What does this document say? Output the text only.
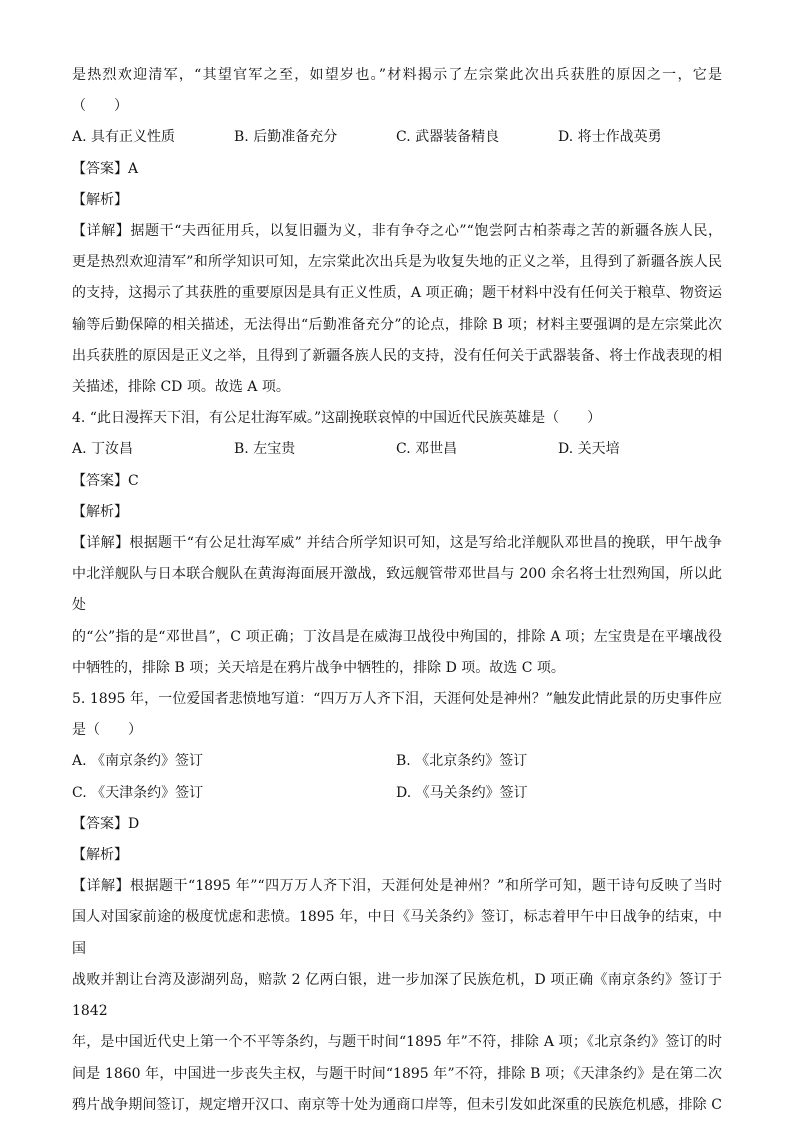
是热烈欢迎清军，“其望官军之至，如望岁也。”材料揭示了左宗棠此次出兵获胜的原因之一，它是

（　　）

A. 具有正义性质	B. 后勤准备充分	C. 武器装备精良	D. 将士作战英勇

【答案】A

【解析】

【详解】据题干“夫西征用兵，以复旧疆为义，非有争夺之心”“饱尝阿古柏荼毒之苦的新疆各族人民，

更是热烈欢迎清军”和所学知识可知，左宗棠此次出兵是为收复失地的正义之举，且得到了新疆各族人民

的支持，这揭示了其获胜的重要原因是具有正义性质，A 项正确；题干材料中没有任何关于粮草、物资运

输等后勤保障的相关描述，无法得出“后勤准备充分”的论点，排除 B 项；材料主要强调的是左宗棠此次

出兵获胜的原因是正义之举，且得到了新疆各族人民的支持，没有任何关于武器装备、将士作战表现的相

关描述，排除 CD 项。故选 A 项。

4. “此日漫挥天下泪，有公足壮海军威。”这副挽联哀悼的中国近代民族英雄是（　　）

A. 丁汝昌	B. 左宝贵	C. 邓世昌	D. 关天培

【答案】C

【解析】

【详解】根据题干“有公足壮海军威” 并结合所学知识可知，这是写给北洋舰队邓世昌的挽联，甲午战争

中北洋舰队与日本联合舰队在黄海海面展开激战，致远舰管带邓世昌与 200 余名将士壮烈殉国，所以此处

的“公”指的是“邓世昌”，C 项正确；丁汝昌是在威海卫战役中殉国的，排除 A 项；左宝贵是在平壤战役

中牺牲的，排除 B 项；关天培是在鸦片战争中牺牲的，排除 D 项。故选 C 项。

5. 1895 年，一位爱国者悲愤地写道：“四万万人齐下泪，天涯何处是神州？”触发此情此景的历史事件应

是（　　）

A. 《南京条约》签订	B. 《北京条约》签订
C. 《天津条约》签订	D. 《马关条约》签订

【答案】D

【解析】

【详解】根据题干“1895 年”“四万万人齐下泪，天涯何处是神州？”和所学可知，题干诗句反映了当时

国人对国家前途的极度忧虑和悲愤。1895 年，中日《马关条约》签订，标志着甲午中日战争的结束，中国

战败并割让台湾及澎湖列岛，赔款 2 亿两白银，进一步加深了民族危机，D 项正确《南京条约》签订于 1842

年，是中国近代史上第一个不平等条约，与题干时间“1895 年”不符，排除 A 项；《北京条约》签订的时

间是 1860 年，中国进一步丧失主权，与题干时间“1895 年”不符，排除 B 项；《天津条约》是在第二次

鸦片战争期间签订，规定增开汉口、南京等十处为通商口岸等，但未引发如此深重的民族危机感，排除 C
